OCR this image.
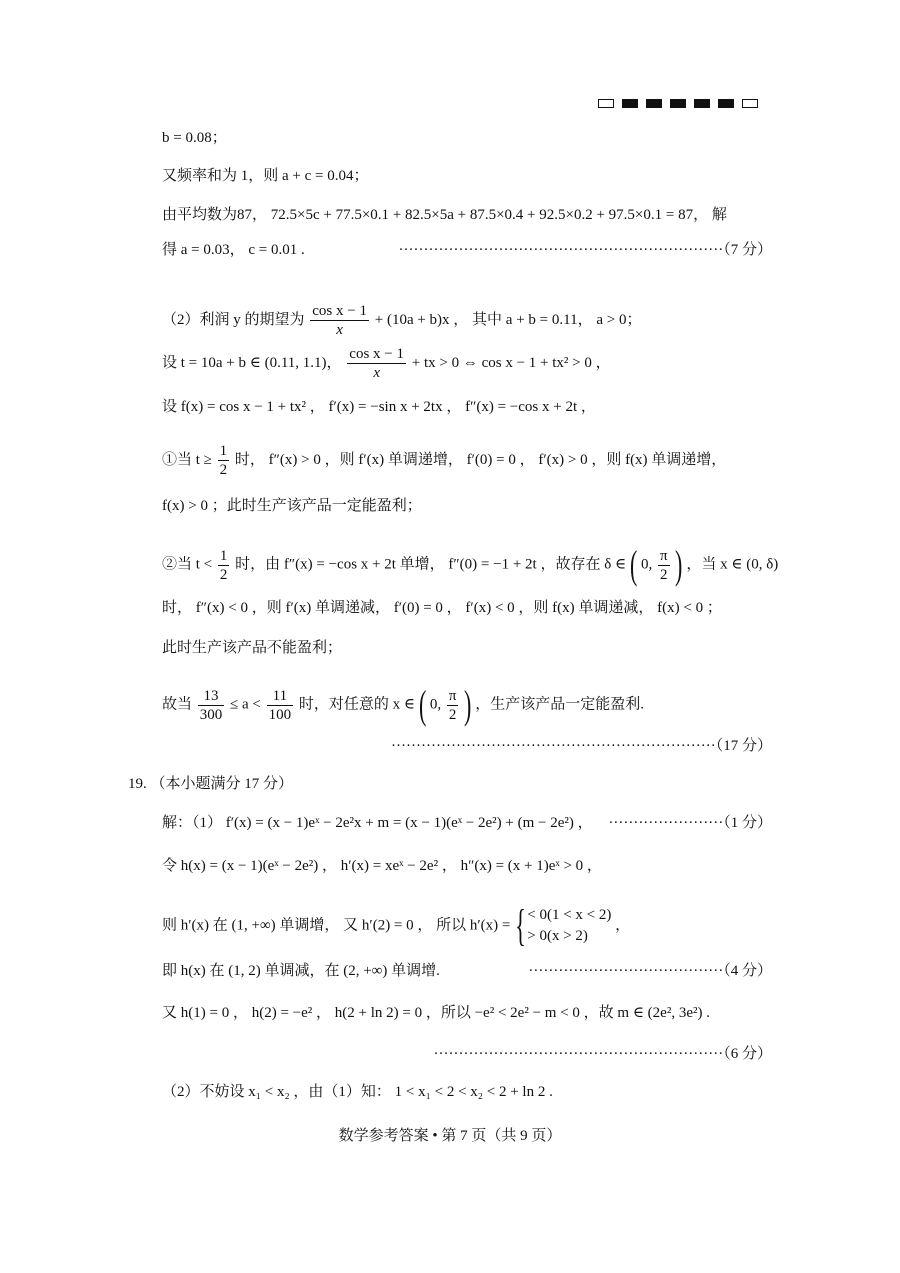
b = 0.08；
又频率和为 1，则 a + c = 0.04；
由平均数为87， 72.5×5c + 77.5×0.1 + 82.5×5a + 87.5×0.4 + 92.5×0.2 + 97.5×0.1 = 87， 解
得 a = 0.03， c = 0.01 .	·································································（7 分）
（2）利润 y 的期望为 $\frac{\text{cos x − 1}}{x} + (10a + b)x$ ， 其中 a + b = 0.11， a > 0；
设 t = 10a + b ∈ (0.11, 1.1)， $\frac{\text{cos x − 1}}{x}$ + tx > 0 ⇔ cos x − 1 + tx² > 0 ，
设 f(x) = cos x − 1 + tx² ， f′(x) = −sin x + 2tx ， f″(x) = −cos x + 2t ，
①当 $t \ge \frac{1}{2}$ 时， f″(x) > 0 ，则 f′(x) 单调递增， f′(0) = 0 ， f′(x) > 0 ，则 f(x) 单调递增，
f(x) > 0 ；此时生产该产品一定能盈利；
②当 $t < \frac{1}{2}$ 时，由 f″(x) = −cos x + 2t 单增， f″(0) = −1 + 2t ，故存在 δ ∈ ( 0, $\frac{\pi}{2}$ ) ，当 x ∈ (0, δ)
时， f″(x) < 0 ，则 f′(x) 单调递减， f′(0) = 0 ， f′(x) < 0 ，则 f(x) 单调递减， f(x) < 0 ；
此时生产该产品不能盈利；
故当 $\frac{13}{300} \le a < \frac{11}{100}$ 时，对任意的 x ∈ ( 0, $\frac{\pi}{2}$ ) ，生产该产品一定能盈利.
·································································（17 分）
19. （本小题满分 17 分）
解：（1） f′(x) = (x − 1)eˣ − 2e²x + m = (x − 1)(eˣ − 2e²) + (m − 2e²) ， ·······················（1 分）
令 h(x) = (x − 1)(eˣ − 2e²) ， h′(x) = xeˣ − 2e² ， h″(x) = (x + 1)eˣ > 0 ，
则 h′(x) 在 (1, +∞) 单调增， 又 h′(2) = 0 ， 所以 h′(x) = { < 0(1 < x < 2)
> 0(x > 2)
，
即 h(x) 在 (1, 2) 单调减，在 (2, +∞) 单调增.	·······································（4 分）
又 h(1) = 0 ， h(2) = −e² ， h(2 + ln 2) = 0 ，所以 −e² < 2e² − m < 0 ，故 m ∈ (2e², 3e²) .
··························································（6 分）
（2）不妨设 x₁ < x₂ ，由（1）知： 1 < x₁ < 2 < x₂ < 2 + ln 2 .
数学参考答案 • 第 7 页（共 9 页）
